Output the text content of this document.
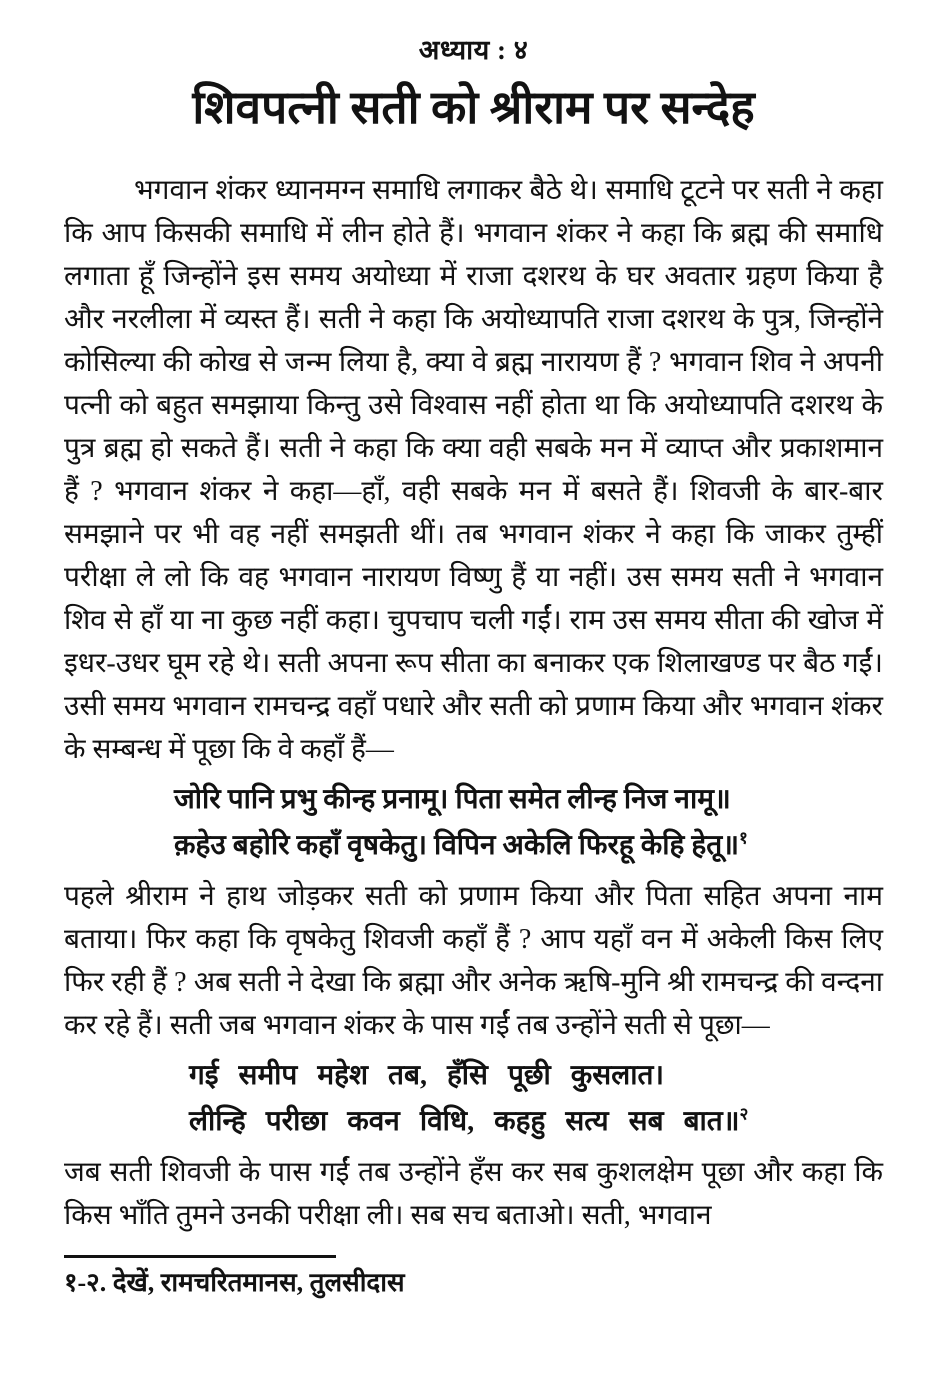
अध्याय : ४
शिवपत्नी सती को श्रीराम पर सन्देह

भगवान शंकर ध्यानमग्न समाधि लगाकर बैठे थे। समाधि टूटने पर सती ने कहा कि आप किसकी समाधि में लीन होते हैं। भगवान शंकर ने कहा कि ब्रह्म की समाधि लगाता हूँ जिन्होंने इस समय अयोध्या में राजा दशरथ के घर अवतार ग्रहण किया है और नरलीला में व्यस्त हैं। सती ने कहा कि अयोध्यापति राजा दशरथ के पुत्र, जिन्होंने कोसिल्या की कोख से जन्म लिया है, क्या वे ब्रह्म नारायण हैं ? भगवान शिव ने अपनी पत्नी को बहुत समझाया किन्तु उसे विश्वास नहीं होता था कि अयोध्यापति दशरथ के पुत्र ब्रह्म हो सकते हैं। सती ने कहा कि क्या वही सबके मन में व्याप्त और प्रकाशमान हैं ? भगवान शंकर ने कहा—हाँ, वही सबके मन में बसते हैं। शिवजी के बार-बार समझाने पर भी वह नहीं समझती थीं। तब भगवान शंकर ने कहा कि जाकर तुम्हीं परीक्षा ले लो कि वह भगवान नारायण विष्णु हैं या नहीं। उस समय सती ने भगवान शिव से हाँ या ना कुछ नहीं कहा। चुपचाप चली गईं। राम उस समय सीता की खोज में इधर-उधर घूम रहे थे। सती अपना रूप सीता का बनाकर एक शिलाखण्ड पर बैठ गईं। उसी समय भगवान रामचन्द्र वहाँ पधारे और सती को प्रणाम किया और भगवान शंकर के सम्बन्ध में पूछा कि वे कहाँ हैं—

जोरि पानि प्रभु कीन्ह प्रनामू। पिता समेत लीन्ह निज नामू॥
क़हेउ बहोरि कहाँ वृषकेतु। विपिन अकेलि फिरहू केहि हेतू॥$^१$

पहले श्रीराम ने हाथ जोड़कर सती को प्रणाम किया और पिता सहित अपना नाम बताया। फिर कहा कि वृषकेतु शिवजी कहाँ हैं ? आप यहाँ वन में अकेली किस लिए फिर रही हैं ? अब सती ने देखा कि ब्रह्मा और अनेक ऋषि-मुनि श्री रामचन्द्र की वन्दना कर रहे हैं। सती जब भगवान शंकर के पास गईं तब उन्होंने सती से पूछा—

गई समीप महेश तब, हँसि पूछी कुसलात।
लीन्हि परीछा कवन विधि, कहहु सत्य सब बात॥$^२$

जब सती शिवजी के पास गईं तब उन्होंने हँस कर सब कुशलक्षेम पूछा और कहा कि किस भाँति तुमने उनकी परीक्षा ली। सब सच बताओ। सती, भगवान

१-२. देखें, रामचरितमानस, तुलसीदास
